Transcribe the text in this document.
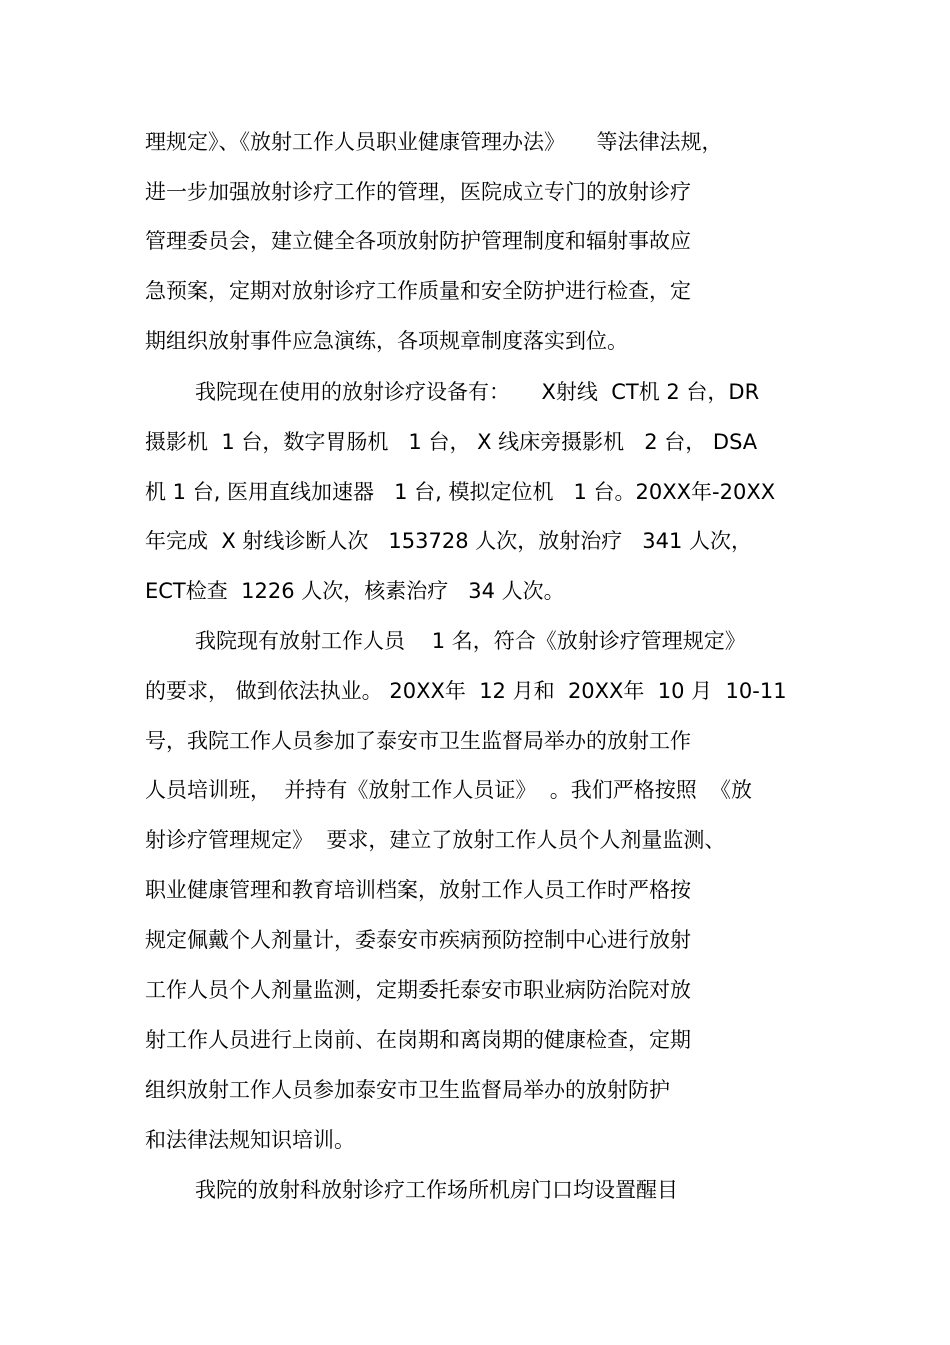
理规定》、《放射工作人员职业健康管理办法》　　等法律法规，

进一步加强放射诊疗工作的管理，医院成立专门的放射诊疗

管理委员会，建立健全各项放射防护管理制度和辐射事故应

急预案，定期对放射诊疗工作质量和安全防护进行检查，定

期组织放射事件应急演练，各项规章制度落实到位。

我院现在使用的放射诊疗设备有：　　X射线  CT机 2 台，DR

摄影机  1 台，数字胃肠机   1 台， X 线床旁摄影机   2 台， DSA

机 1 台, 医用直线加速器   1 台, 模拟定位机   1 台。20XX年-20XX

年完成  X 射线诊断人次   153728 人次，放射治疗   341 人次，

ECT检查  1226 人次，核素治疗   34 人次。

我院现有放射工作人员    1 名，符合《放射诊疗管理规定》

的要求， 做到依法执业。 20XX年  12 月和  20XX年  10 月  10-11

号，我院工作人员参加了泰安市卫生监督局举办的放射工作

人员培训班，  并持有《放射工作人员证》  。我们严格按照  《放

射诊疗管理规定》  要求，建立了放射工作人员个人剂量监测、

职业健康管理和教育培训档案，放射工作人员工作时严格按

规定佩戴个人剂量计，委泰安市疾病预防控制中心进行放射

工作人员个人剂量监测，定期委托泰安市职业病防治院对放

射工作人员进行上岗前、在岗期和离岗期的健康检查，定期

组织放射工作人员参加泰安市卫生监督局举办的放射防护

和法律法规知识培训。

我院的放射科放射诊疗工作场所机房门口均设置醒目
